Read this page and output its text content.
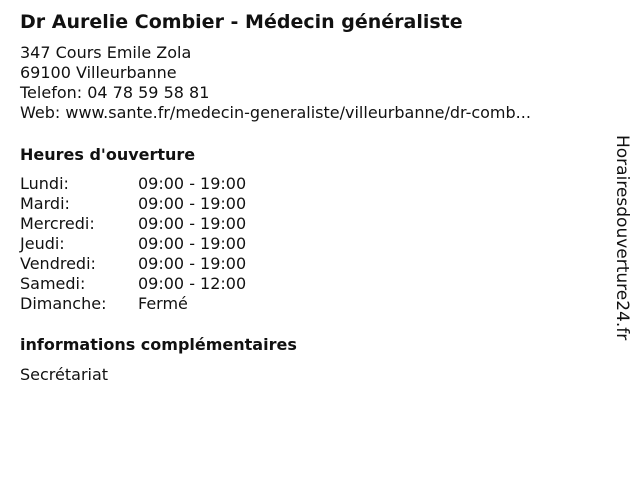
Dr Aurelie Combier - Médecin généraliste
347 Cours Emile Zola
69100 Villeurbanne
Telefon: 04 78 59 58 81
Web: www.sante.fr/medecin-generaliste/villeurbanne/dr-comb...
Heures d'ouverture
Lundi:	09:00 - 19:00
Mardi:	09:00 - 19:00
Mercredi:	09:00 - 19:00
Jeudi:	09:00 - 19:00
Vendredi:	09:00 - 19:00
Samedi:	09:00 - 12:00
Dimanche:	Fermé
informations complémentaires
Secrétariat
Horairesdouverture24.fr
